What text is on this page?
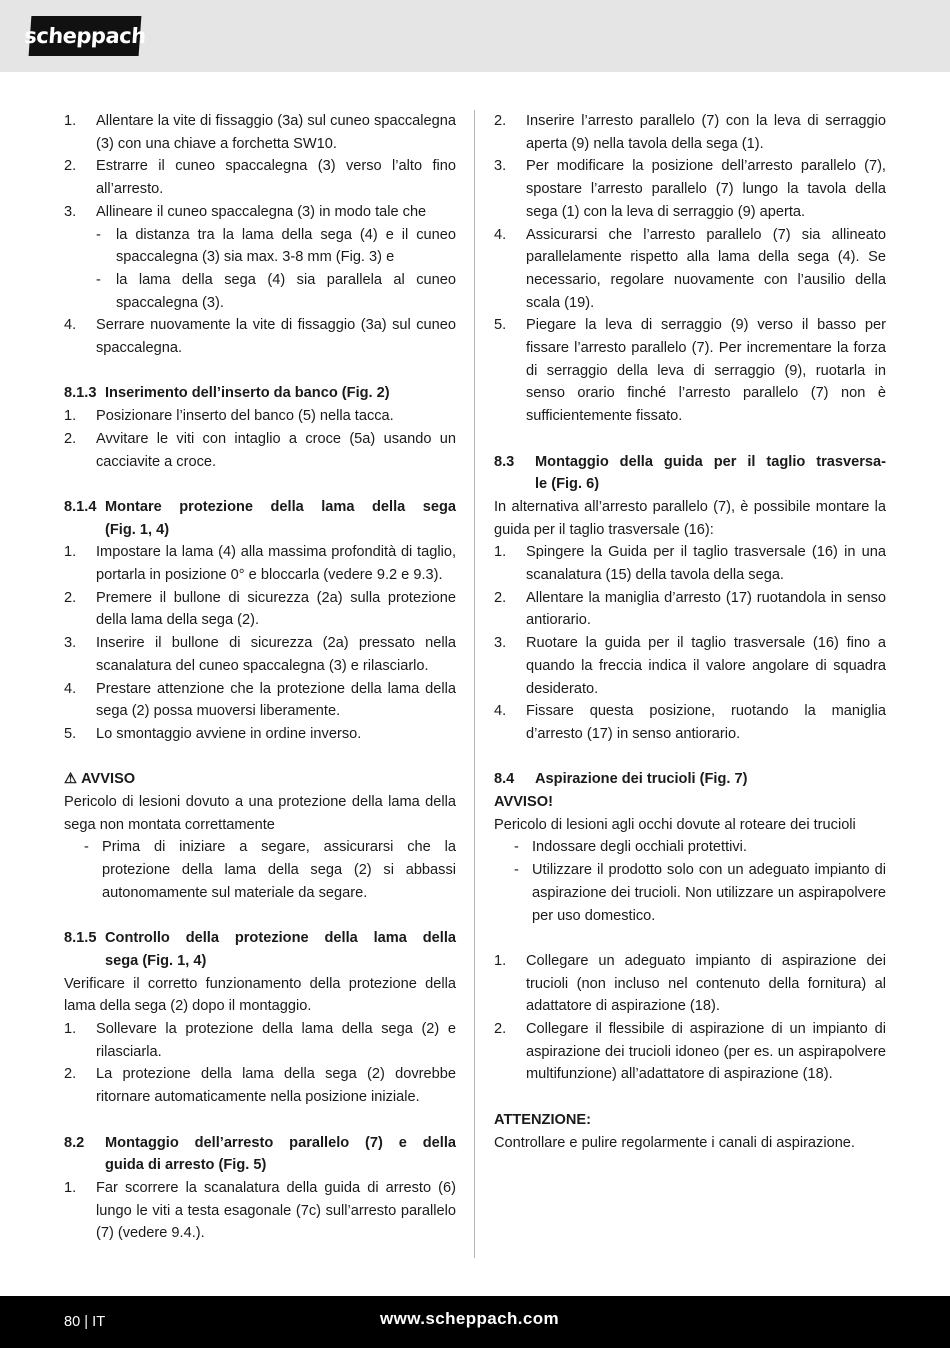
scheppach
1. Allentare la vite di fissaggio (3a) sul cuneo spaccalegna (3) con una chiave a forchetta SW10.
2. Estrarre il cuneo spaccalegna (3) verso l’alto fino all’arresto.
3. Allineare il cuneo spaccalegna (3) in modo tale che
- la distanza tra la lama della sega (4) e il cuneo spaccalegna (3) sia max. 3-8 mm (Fig. 3) e
- la lama della sega (4) sia parallela al cuneo spaccalegna (3).
4. Serrare nuovamente la vite di fissaggio (3a) sul cuneo spaccalegna.
8.1.3 Inserimento dell’inserto da banco (Fig. 2)
1. Posizionare l’inserto del banco (5) nella tacca.
2. Avvitare le viti con intaglio a croce (5a) usando un cacciavite a croce.
8.1.4 Montare protezione della lama della sega
(Fig. 1, 4)
1. Impostare la lama (4) alla massima profondità di taglio, portarla in posizione 0° e bloccarla (vedere 9.2 e 9.3).
2. Premere il bullone di sicurezza (2a) sulla protezione della lama della sega (2).
3. Inserire il bullone di sicurezza (2a) pressato nella scanalatura del cuneo spaccalegna (3) e rilasciarlo.
4. Prestare attenzione che la protezione della lama della sega (2) possa muoversi liberamente.
5. Lo smontaggio avviene in ordine inverso.
⚠ AVVISO
Pericolo di lesioni dovuto a una protezione della lama della sega non montata correttamente
- Prima di iniziare a segare, assicurarsi che la protezione della lama della sega (2) si abbassi autonomamente sul materiale da segare.
8.1.5 Controllo della protezione della lama della
sega (Fig. 1, 4)
Verificare il corretto funzionamento della protezione della lama della sega (2) dopo il montaggio.
1. Sollevare la protezione della lama della sega (2) e rilasciarla.
2. La protezione della lama della sega (2) dovrebbe ritornare automaticamente nella posizione iniziale.
8.2 Montaggio dell’arresto parallelo (7) e della
guida di arresto (Fig. 5)
1. Far scorrere la scanalatura della guida di arresto (6) lungo le viti a testa esagonale (7c) sull’arresto parallelo (7) (vedere 9.4.).
2. Inserire l’arresto parallelo (7) con la leva di serraggio aperta (9) nella tavola della sega (1).
3. Per modificare la posizione dell’arresto parallelo (7), spostare l’arresto parallelo (7) lungo la tavola della sega (1) con la leva di serraggio (9) aperta.
4. Assicurarsi che l’arresto parallelo (7) sia allineato parallelamente rispetto alla lama della sega (4). Se necessario, regolare nuovamente con l’ausilio della scala (19).
5. Piegare la leva di serraggio (9) verso il basso per fissare l’arresto parallelo (7). Per incrementare la forza di serraggio della leva di serraggio (9), ruotarla in senso orario finché l’arresto parallelo (7) non è sufficientemente fissato.
8.3 Montaggio della guida per il taglio trasversa-
le (Fig. 6)
In alternativa all’arresto parallelo (7), è possibile montare la guida per il taglio trasversale (16):
1. Spingere la Guida per il taglio trasversale (16) in una scanalatura (15) della tavola della sega.
2. Allentare la maniglia d’arresto (17) ruotandola in senso antiorario.
3. Ruotare la guida per il taglio trasversale (16) fino a quando la freccia indica il valore angolare di squadra desiderato.
4. Fissare questa posizione, ruotando la maniglia d’arresto (17) in senso antiorario.
8.4 Aspirazione dei trucioli (Fig. 7)
AVVISO!
Pericolo di lesioni agli occhi dovute al roteare dei trucioli
- Indossare degli occhiali protettivi.
- Utilizzare il prodotto solo con un adeguato impianto di aspirazione dei trucioli. Non utilizzare un aspirapolvere per uso domestico.
1. Collegare un adeguato impianto di aspirazione dei trucioli (non incluso nel contenuto della fornitura) al adattatore di aspirazione (18).
2. Collegare il flessibile di aspirazione di un impianto di aspirazione dei trucioli idoneo (per es. un aspirapolvere multifunzione) all’adattatore di aspirazione (18).
ATTENZIONE:
Controllare e pulire regolarmente i canali di aspirazione.
80 | IT	www.scheppach.com
